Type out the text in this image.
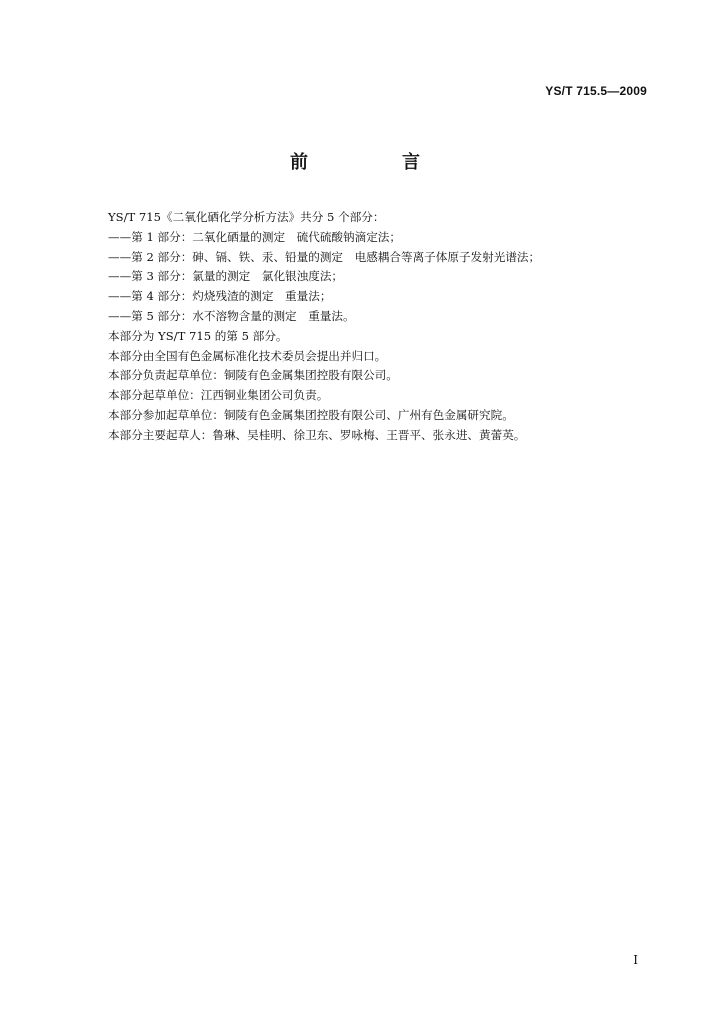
YS/T 715.5—2009
前　言
YS/T 715《二氧化硒化学分析方法》共分 5 个部分：
——第 1 部分：二氧化硒量的测定　硫代硫酸钠滴定法；
——第 2 部分：砷、镉、铁、汞、铅量的测定　电感耦合等离子体原子发射光谱法；
——第 3 部分：氯量的测定　氯化银浊度法；
——第 4 部分：灼烧残渣的测定　重量法；
——第 5 部分：水不溶物含量的测定　重量法。
本部分为 YS/T 715 的第 5 部分。
本部分由全国有色金属标准化技术委员会提出并归口。
本部分负责起草单位：铜陵有色金属集团控股有限公司。
本部分起草单位：江西铜业集团公司负责。
本部分参加起草单位：铜陵有色金属集团控股有限公司、广州有色金属研究院。
本部分主要起草人：鲁琳、吴桂明、徐卫东、罗咏梅、王晋平、张永进、黄蕾英。
I
